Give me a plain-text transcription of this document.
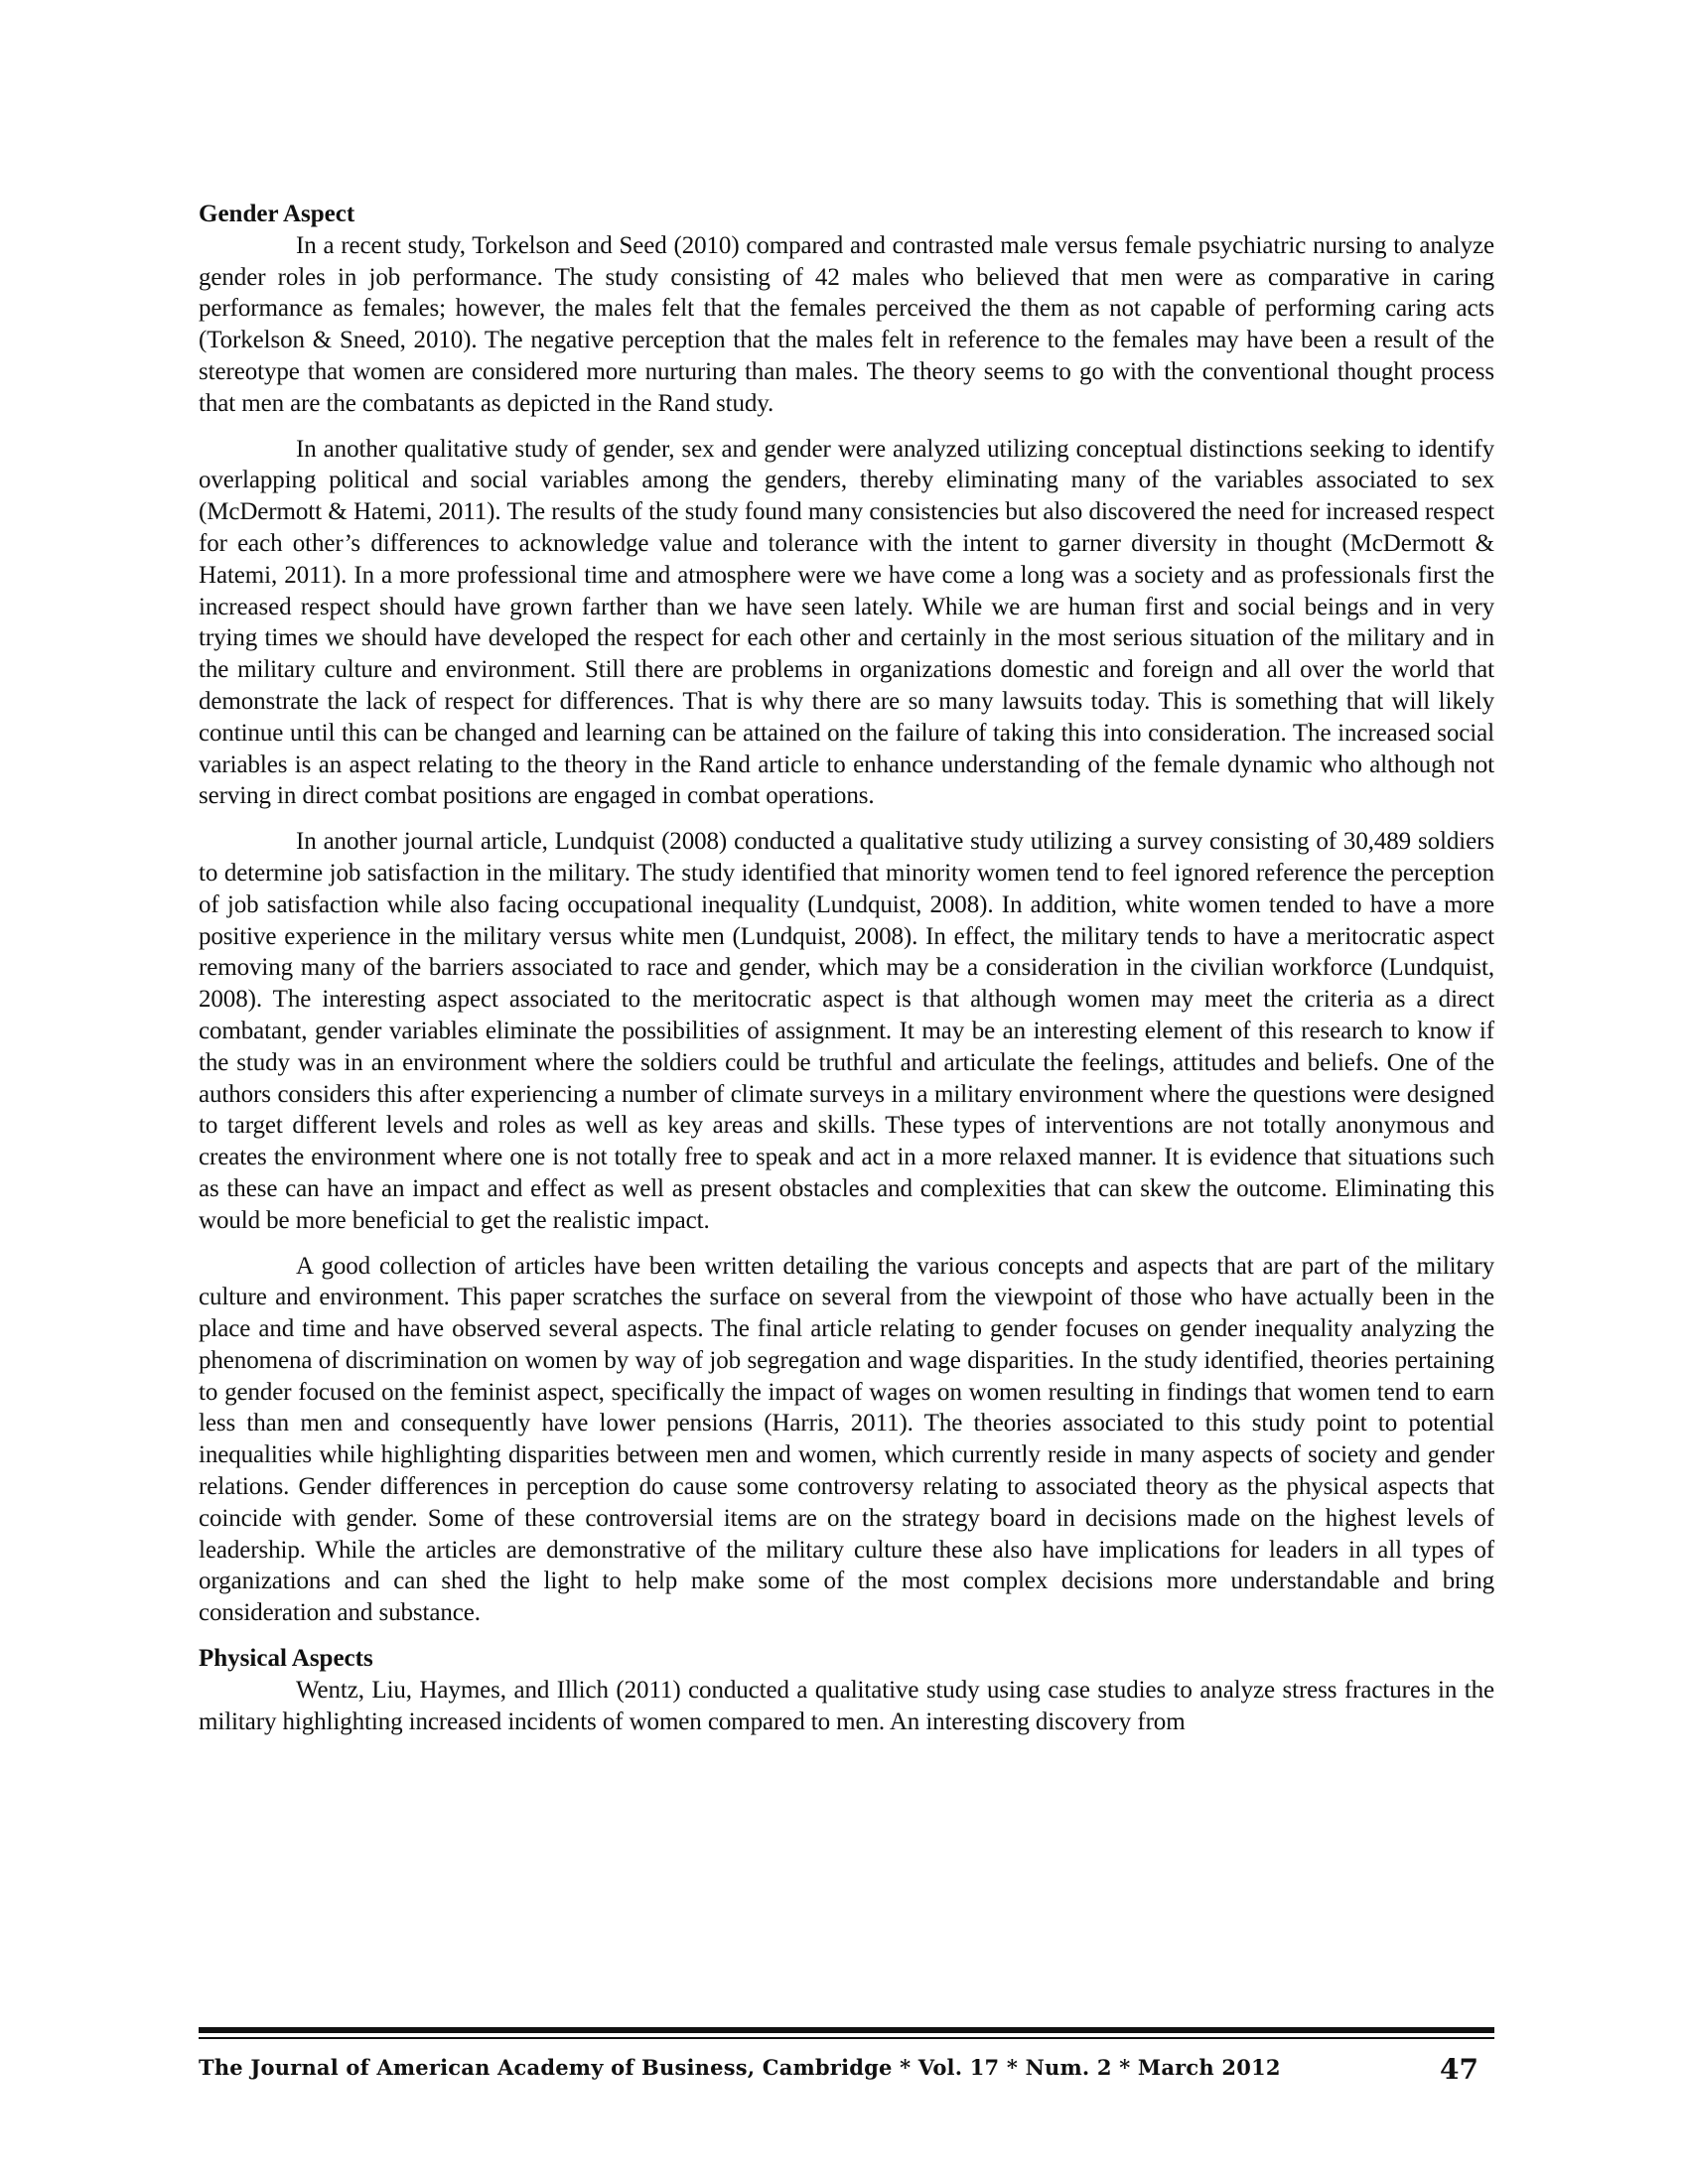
Gender Aspect

In a recent study, Torkelson and Seed (2010) compared and contrasted male versus female psychiatric nursing to analyze gender roles in job performance. The study consisting of 42 males who believed that men were as comparative in caring performance as females; however, the males felt that the females perceived the them as not capable of performing caring acts (Torkelson & Sneed, 2010). The negative perception that the males felt in reference to the females may have been a result of the stereotype that women are considered more nurturing than males. The theory seems to go with the conventional thought process that men are the combatants as depicted in the Rand study.

In another qualitative study of gender, sex and gender were analyzed utilizing conceptual distinctions seeking to identify overlapping political and social variables among the genders, thereby eliminating many of the variables associated to sex (McDermott & Hatemi, 2011). The results of the study found many consistencies but also discovered the need for increased respect for each other’s differences to acknowledge value and tolerance with the intent to garner diversity in thought (McDermott & Hatemi, 2011). In a more professional time and atmosphere were we have come a long was a society and as professionals first the increased respect should have grown farther than we have seen lately. While we are human first and social beings and in very trying times we should have developed the respect for each other and certainly in the most serious situation of the military and in the military culture and environment. Still there are problems in organizations domestic and foreign and all over the world that demonstrate the lack of respect for differences. That is why there are so many lawsuits today. This is something that will likely continue until this can be changed and learning can be attained on the failure of taking this into consideration. The increased social variables is an aspect relating to the theory in the Rand article to enhance understanding of the female dynamic who although not serving in direct combat positions are engaged in combat operations.

In another journal article, Lundquist (2008) conducted a qualitative study utilizing a survey consisting of 30,489 soldiers to determine job satisfaction in the military. The study identified that minority women tend to feel ignored reference the perception of job satisfaction while also facing occupational inequality (Lundquist, 2008). In addition, white women tended to have a more positive experience in the military versus white men (Lundquist, 2008). In effect, the military tends to have a meritocratic aspect removing many of the barriers associated to race and gender, which may be a consideration in the civilian workforce (Lundquist, 2008). The interesting aspect associated to the meritocratic aspect is that although women may meet the criteria as a direct combatant, gender variables eliminate the possibilities of assignment. It may be an interesting element of this research to know if the study was in an environment where the soldiers could be truthful and articulate the feelings, attitudes and beliefs. One of the authors considers this after experiencing a number of climate surveys in a military environment where the questions were designed to target different levels and roles as well as key areas and skills. These types of interventions are not totally anonymous and creates the environment where one is not totally free to speak and act in a more relaxed manner. It is evidence that situations such as these can have an impact and effect as well as present obstacles and complexities that can skew the outcome. Eliminating this would be more beneficial to get the realistic impact.

A good collection of articles have been written detailing the various concepts and aspects that are part of the military culture and environment. This paper scratches the surface on several from the viewpoint of those who have actually been in the place and time and have observed several aspects. The final article relating to gender focuses on gender inequality analyzing the phenomena of discrimination on women by way of job segregation and wage disparities. In the study identified, theories pertaining to gender focused on the feminist aspect, specifically the impact of wages on women resulting in findings that women tend to earn less than men and consequently have lower pensions (Harris, 2011). The theories associated to this study point to potential inequalities while highlighting disparities between men and women, which currently reside in many aspects of society and gender relations. Gender differences in perception do cause some controversy relating to associated theory as the physical aspects that coincide with gender. Some of these controversial items are on the strategy board in decisions made on the highest levels of leadership. While the articles are demonstrative of the military culture these also have implications for leaders in all types of organizations and can shed the light to help make some of the most complex decisions more understandable and bring consideration and substance.

Physical Aspects

Wentz, Liu, Haymes, and Illich (2011) conducted a qualitative study using case studies to analyze stress fractures in the military highlighting increased incidents of women compared to men. An interesting discovery from

The Journal of American Academy of Business, Cambridge * Vol. 17 * Num. 2 * March 2012	47
